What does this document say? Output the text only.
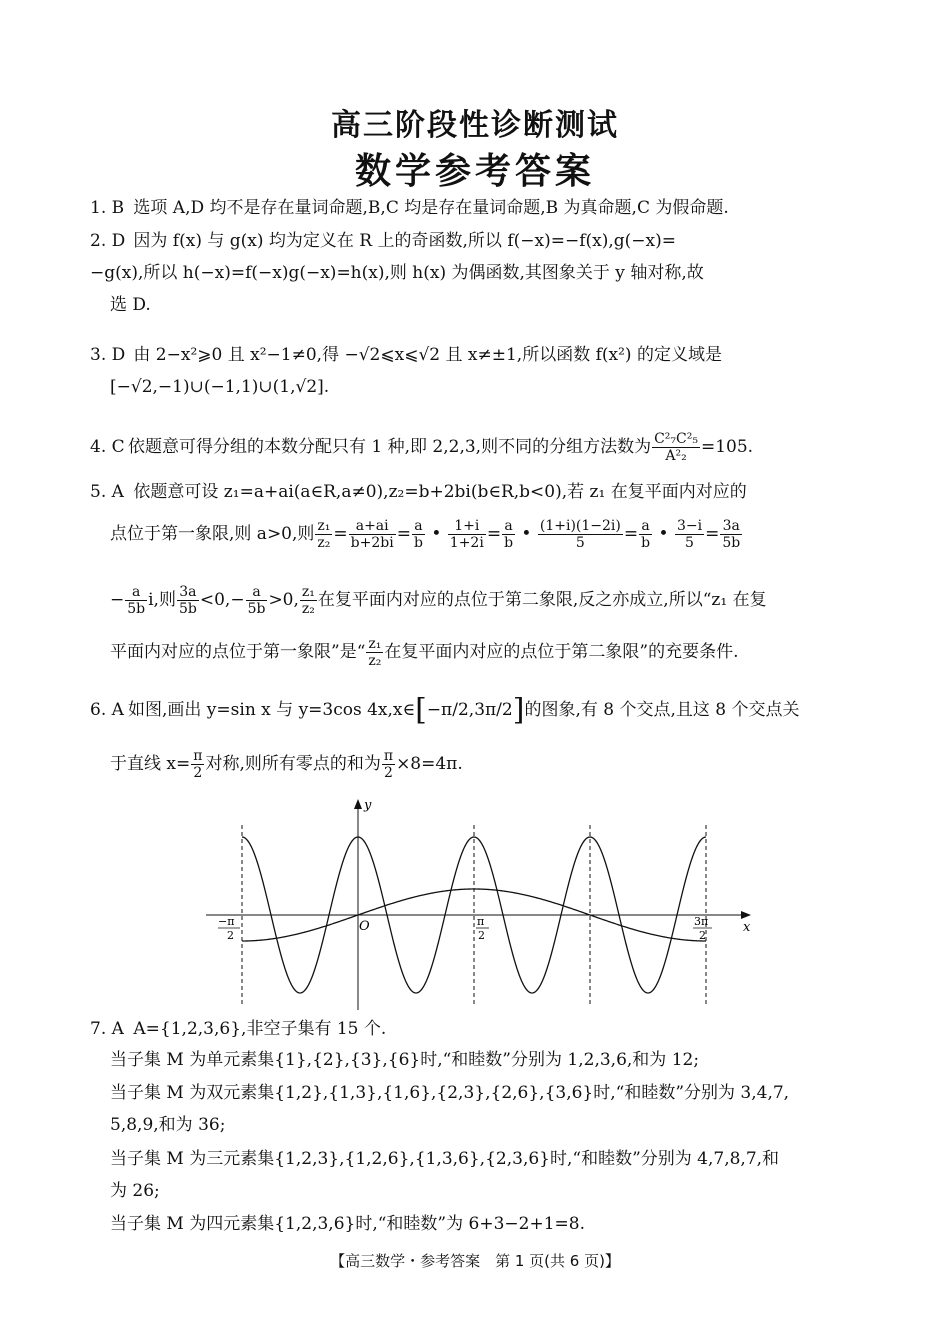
高三阶段性诊断测试
数学参考答案
1. B 选项 A,D 均不是存在量词命题,B,C 均是存在量词命题,B 为真命题,C 为假命题.
2. D 因为 f(x) 与 g(x) 均为定义在 R 上的奇函数,所以 f(−x)=−f(x),g(−x)=
−g(x),所以 h(−x)=f(−x)g(−x)=h(x),则 h(x) 为偶函数,其图象关于 y 轴对称,故
选 D.
3. D 由 2−x²⩾0 且 x²−1≠0,得 −√2⩽x⩽√2 且 x≠±1,所以函数 f(x²) 的定义域是
[−√2,−1)∪(−1,1)∪(1,√2].
4. C 依题意可得分组的本数分配只有 1 种,即 2,2,3,则不同的分组方法数为 $\frac{\text{C²₇C²₅}}{\text{A²₂}} =105$.
5. A 依题意可设 z₁=a+ai(a∈R,a≠0),z₂=b+2bi(b∈R,b<0),若 z₁ 在复平面内对应的
点位于第一象限,则 a>0,则 $\frac{\text{z₁}}{\text{z₂}} = \frac{a+ai}{b+2bi} = \frac{a}{b}$ • $\frac{1+i}{1+2i} = \frac{a}{b}$ • $\frac{(1+i)(1-2i)}{5} = \frac{a}{b}$ • $\frac{3-i}{5} = \frac{3a}{5b}$
− $\frac{a}{5b} i$,则 $\frac{3a}{5b} <0,- \frac{a}{5b} >0$, $\frac{\text{z₁}}{\text{z₂}}$ 在复平面内对应的点位于第二象限,反之亦成立,所以“z₁ 在复
平面内对应的点位于第一象限”是“ $\frac{\text{z₁}}{\text{z₂}}$ 在复平面内对应的点位于第二象限”的充要条件.
6. A 如图,画出 y=sin x 与 y=3cos 4x,x∈[−π/2,3π/2]的图象,有 8 个交点,且这 8 个交点关
于直线 $x= \frac{\pi}{2}$ 对称,则所有零点的和为 $\frac{\pi}{2} \times 8=4\pi$.
y
x
O
−π
2
π
2
3π
2
7. A A={1,2,3,6},非空子集有 15 个.
当子集 M 为单元素集{1},{2},{3},{6}时,“和睦数”分别为 1,2,3,6,和为 12;
当子集 M 为双元素集{1,2},{1,3},{1,6},{2,3},{2,6},{3,6}时,“和睦数”分别为 3,4,7,
5,8,9,和为 36;
当子集 M 为三元素集{1,2,3},{1,2,6},{1,3,6},{2,3,6}时,“和睦数”分别为 4,7,8,7,和
为 26;
当子集 M 为四元素集{1,2,3,6}时,“和睦数”为 6+3−2+1=8.
【高三数学・参考答案　第 1 页(共 6 页)】
